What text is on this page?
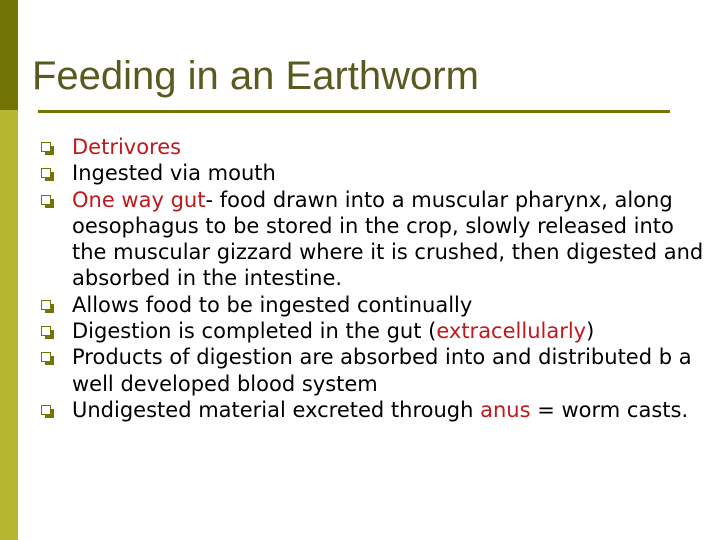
Feeding in an Earthworm
Detrivores
Ingested via mouth
One way gut- food drawn into a muscular pharynx, along oesophagus to be stored in the crop, slowly released into the muscular gizzard where it is crushed, then digested and absorbed in the intestine.
Allows food to be ingested continually
Digestion is completed in the gut (extracellularly)
Products of digestion are absorbed into and distributed b a well developed blood system
Undigested material excreted through anus = worm casts.
